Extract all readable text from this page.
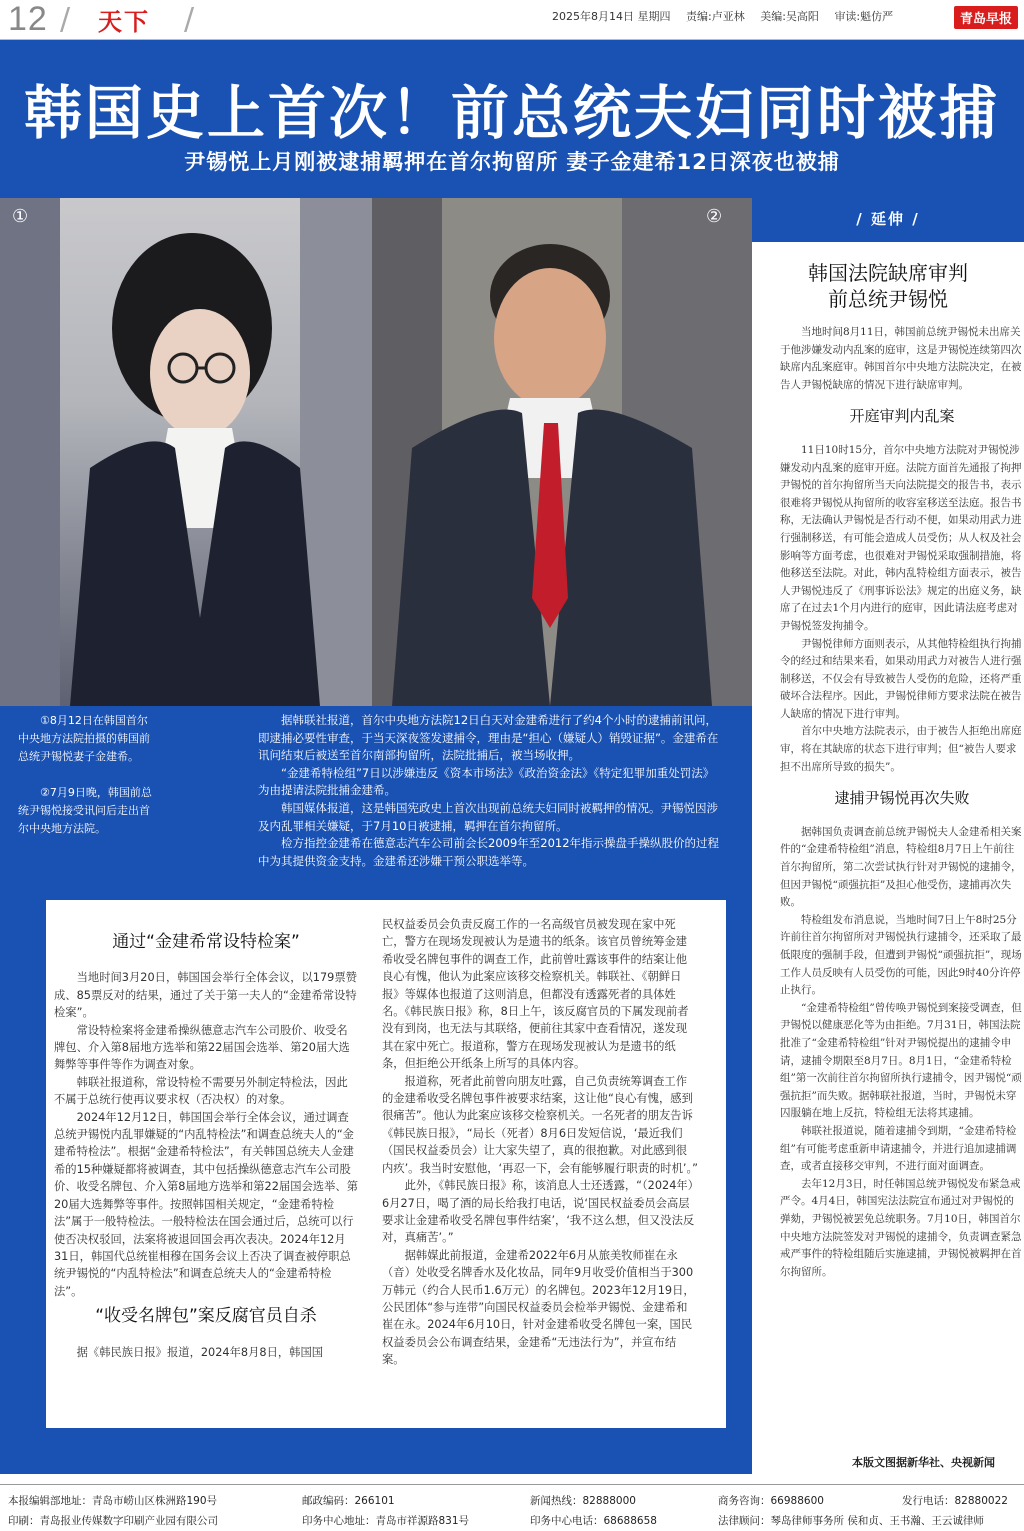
12 / 天下 /	2025年8月14日 星期四 责编:卢亚林 美编:吴高阳 审读:魁仿严	青岛早报
韩国史上首次！前总统夫妇同时被捕
尹锡悦上月刚被逮捕羁押在首尔拘留所 妻子金建希12日深夜也被捕
①	②

①8月12日在韩国首尔中央地方法院拍摄的韩国前总统尹锡悦妻子金建希。

②7月9日晚，韩国前总统尹锡悦接受讯问后走出首尔中央地方法院。

据韩联社报道，首尔中央地方法院12日白天对金建希进行了约4个小时的逮捕前讯问，即逮捕必要性审查，于当天深夜签发逮捕令，理由是“担心（嫌疑人）销毁证据”。金建希在讯问结束后被送至首尔南部拘留所，法院批捕后，被当场收押。

“金建希特检组”7日以涉嫌违反《资本市场法》《政治资金法》《特定犯罪加重处罚法》为由提请法院批捕金建希。

韩国媒体报道，这是韩国宪政史上首次出现前总统夫妇同时被羁押的情况。尹锡悦因涉及内乱罪相关嫌疑，于7月10日被逮捕，羁押在首尔拘留所。

检方指控金建希在德意志汽车公司前会长2009年至2012年指示操盘手操纵股价的过程中为其提供资金支持。金建希还涉嫌干预公职选举等。

通过“金建希常设特检案”

当地时间3月20日，韩国国会举行全体会议，以179票赞成、85票反对的结果，通过了关于第一夫人的“金建希常设特检案”。

常设特检案将金建希操纵德意志汽车公司股价、收受名牌包、介入第8届地方选举和第22届国会选举、第20届大选舞弊等事件等作为调查对象。

韩联社报道称，常设特检不需要另外制定特检法，因此不属于总统行使再议要求权（否决权）的对象。

2024年12月12日，韩国国会举行全体会议，通过调查总统尹锡悦内乱罪嫌疑的“内乱特检法”和调查总统夫人的“金建希特检法”。根据“金建希特检法”，有关韩国总统夫人金建希的15种嫌疑都将被调查，其中包括操纵德意志汽车公司股价、收受名牌包、介入第8届地方选举和第22届国会选举、第20届大选舞弊等事件。按照韩国相关规定，“金建希特检法”属于一般特检法。一般特检法在国会通过后，总统可以行使否决权驳回，法案将被退回国会再次表决。2024年12月31日，韩国代总统崔相穆在国务会议上否决了调查被停职总统尹锡悦的“内乱特检法”和调查总统夫人的“金建希特检法”。

“收受名牌包”案反腐官员自杀

据《韩民族日报》报道，2024年8月8日，韩国国

民权益委员会负责反腐工作的一名高级官员被发现在家中死亡，警方在现场发现被认为是遗书的纸条。该官员曾统筹金建希收受名牌包事件的调查工作，此前曾吐露该事件的结案让他良心有愧，他认为此案应该移交检察机关。韩联社、《朝鲜日报》等媒体也报道了这则消息，但都没有透露死者的具体姓名。《韩民族日报》称，8日上午，该反腐官员的下属发现前者没有到岗，也无法与其联络，便前往其家中查看情况，遂发现其在家中死亡。报道称，警方在现场发现被认为是遗书的纸条，但拒绝公开纸条上所写的具体内容。

报道称，死者此前曾向朋友吐露，自己负责统筹调查工作的金建希收受名牌包事件被要求结案，这让他“良心有愧，感到很痛苦”。他认为此案应该移交检察机关。一名死者的朋友告诉《韩民族日报》，“局长（死者）8月6日发短信说，‘最近我们（国民权益委员会）让大家失望了，真的很抱歉。对此感到很内疚’。我当时安慰他，‘再忍一下，会有能够履行职责的时机’。”

此外，《韩民族日报》称，该消息人士还透露，“（2024年）6月27日，喝了酒的局长给我打电话，说‘国民权益委员会高层要求让金建希收受名牌包事件结案’，‘我不这么想，但又没法反对，真痛苦’。”

据韩媒此前报道，金建希2022年6月从旅美牧师崔在永（音）处收受名牌香水及化妆品，同年9月收受价值相当于300万韩元（约合人民币1.6万元）的名牌包。2023年12月19日，公民团体“参与连带”向国民权益委员会检举尹锡悦、金建希和崔在永。2024年6月10日，针对金建希收受名牌包一案，国民权益委员会公布调查结果，金建希“无违法行为”，并宣布结案。

/ 延伸 /
韩国法院缺席审判
前总统尹锡悦

当地时间8月11日，韩国前总统尹锡悦未出席关于他涉嫌发动内乱案的庭审，这是尹锡悦连续第四次缺席内乱案庭审。韩国首尔中央地方法院决定，在被告人尹锡悦缺席的情况下进行缺席审判。

开庭审判内乱案

11日10时15分，首尔中央地方法院对尹锡悦涉嫌发动内乱案的庭审开庭。法院方面首先通报了拘押尹锡悦的首尔拘留所当天向法院提交的报告书，表示很难将尹锡悦从拘留所的收容室移送至法庭。报告书称，无法确认尹锡悦是否行动不便，如果动用武力进行强制移送，有可能会造成人员受伤；从人权及社会影响等方面考虑，也很难对尹锡悦采取强制措施，将他移送至法院。对此，韩内乱特检组方面表示，被告人尹锡悦违反了《刑事诉讼法》规定的出庭义务，缺席了在过去1个月内进行的庭审，因此请法庭考虑对尹锡悦签发拘捕令。

尹锡悦律师方面则表示，从其他特检组执行拘捕令的经过和结果来看，如果动用武力对被告人进行强制移送，不仅会有导致被告人受伤的危险，还将严重破坏合法程序。因此，尹锡悦律师方要求法院在被告人缺席的情况下进行审判。

首尔中央地方法院表示，由于被告人拒绝出席庭审，将在其缺席的状态下进行审判；但“被告人要求担不出席所导致的损失”。

逮捕尹锡悦再次失败

据韩国负责调查前总统尹锡悦夫人金建希相关案件的“金建希特检组”消息，特检组8月7日上午前往首尔拘留所，第二次尝试执行针对尹锡悦的逮捕令，但因尹锡悦“顽强抗拒”及担心他受伤，逮捕再次失败。

特检组发布消息说，当地时间7日上午8时25分许前往首尔拘留所对尹锡悦执行逮捕令，还采取了最低限度的强制手段，但遭到尹锡悦“顽强抗拒”，现场工作人员反映有人员受伤的可能，因此9时40分许停止执行。

“金建希特检组”曾传唤尹锡悦到案接受调查，但尹锡悦以健康恶化等为由拒绝。7月31日，韩国法院批准了“金建希特检组”针对尹锡悦提出的逮捕令申请，逮捕令期限至8月7日。8月1日，“金建希特检组”第一次前往首尔拘留所执行逮捕令，因尹锡悦“顽强抗拒”而失败。据韩联社报道，当时，尹锡悦未穿囚服躺在地上反抗，特检组无法将其逮捕。

韩联社报道说，随着逮捕令到期，“金建希特检组”有可能考虑重新申请逮捕令，并进行追加逮捕调查，或者直接移交审判，不进行面对面调查。

去年12月3日，时任韩国总统尹锡悦发布紧急戒严令。4月4日，韩国宪法法院宣布通过对尹锡悦的弹劾，尹锡悦被罢免总统职务。7月10日，韩国首尔中央地方法院签发对尹锡悦的逮捕令，负责调查紧急戒严事件的特检组随后实施逮捕，尹锡悦被羁押在首尔拘留所。

本版文图据新华社、央视新闻
本报编辑部地址：青岛市崂山区株洲路190号	邮政编码：266101	新闻热线：82888000	商务咨询：66988600	发行电话：82880022
印刷：青岛报业传媒数字印刷产业园有限公司	印务中心地址：青岛市祥源路831号	印务中心电话：68688658	法律顾问：琴岛律师事务所 侯和贞、王书瀚、王云诚律师
